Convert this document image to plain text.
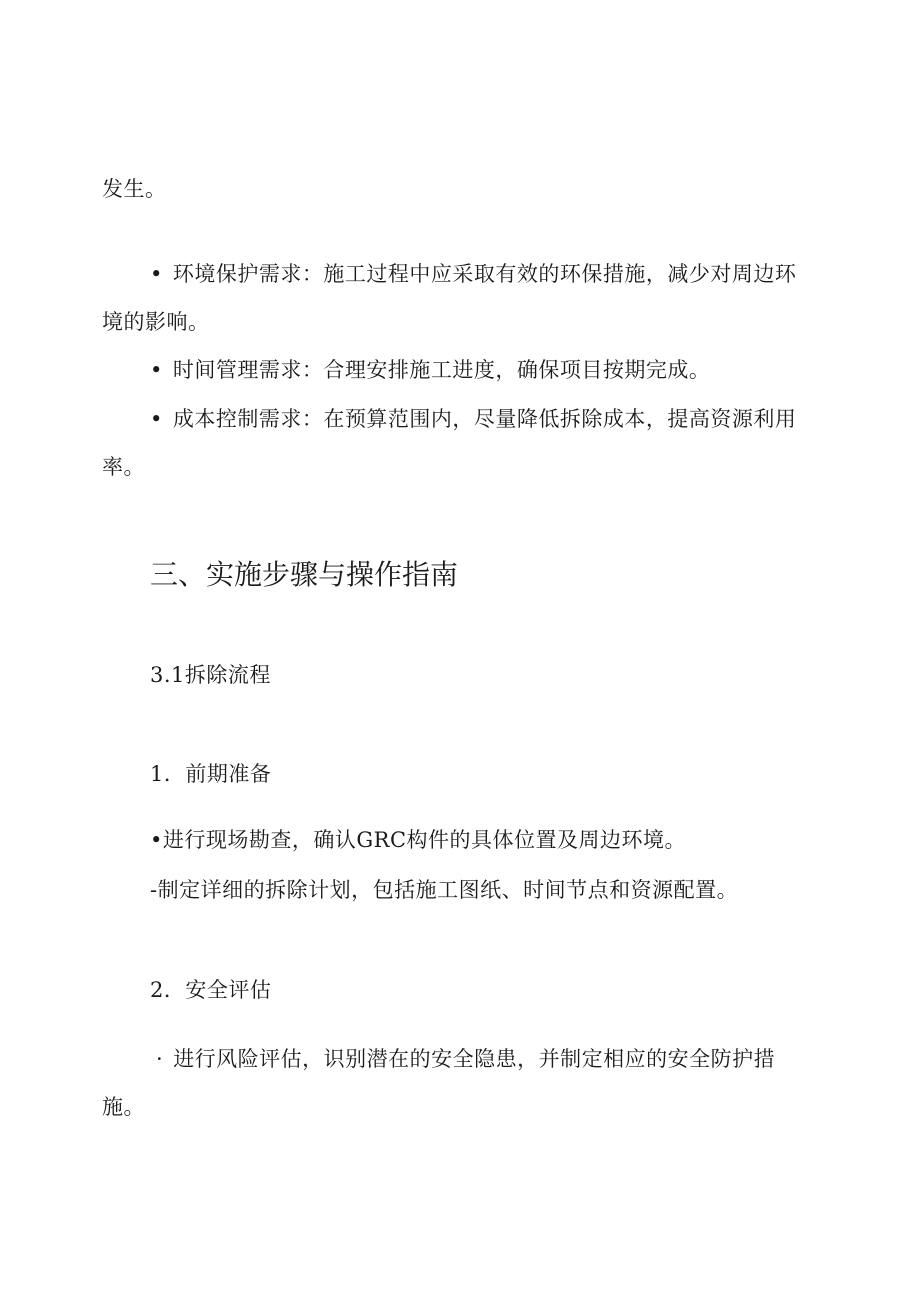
发生。
• 环境保护需求：施工过程中应采取有效的环保措施，减少对周边环
境的影响。
• 时间管理需求：合理安排施工进度，确保项目按期完成。
• 成本控制需求：在预算范围内，尽量降低拆除成本，提高资源利用
率。
三、实施步骤与操作指南
3.1拆除流程
1．前期准备
•进行现场勘查，确认GRC构件的具体位置及周边环境。
-制定详细的拆除计划，包括施工图纸、时间节点和资源配置。
2．安全评估
· 进行风险评估，识别潜在的安全隐患，并制定相应的安全防护措
施。
